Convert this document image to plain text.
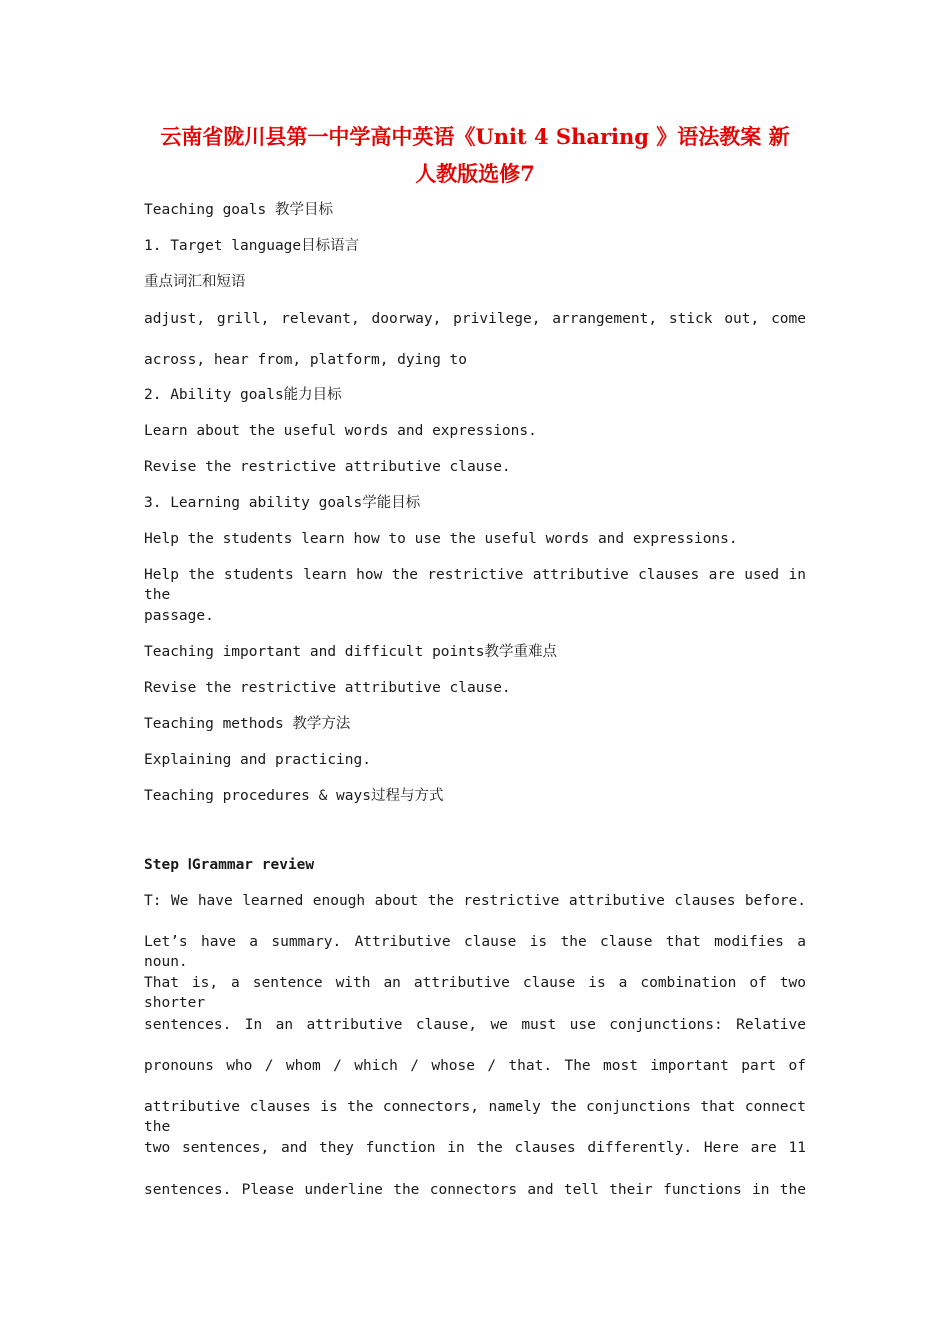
云南省陇川县第一中学高中英语《Unit 4 Sharing 》语法教案 新
人教版选修7
Teaching goals 教学目标
1. Target language目标语言
重点词汇和短语
adjust, grill, relevant, doorway, privilege, arrangement, stick out, come
across, hear from, platform, dying to
2. Ability goals能力目标
Learn about the useful words and expressions.
Revise the restrictive attributive clause.
3. Learning ability goals学能目标
Help the students learn how to use the useful words and expressions.
Help the students learn how the restrictive attributive clauses are used in the
passage.
Teaching important and difficult points教学重难点
Revise the restrictive attributive clause.
Teaching methods 教学方法
Explaining and practicing.
Teaching procedures & ways过程与方式
Step ⅠGrammar review
T: We have learned enough about the restrictive attributive clauses before.
Let’s have a summary. Attributive clause is the clause that modifies a noun.
That is, a sentence with an attributive clause is a combination of two shorter
sentences. In an attributive clause, we must use conjunctions: Relative
pronouns who / whom / which / whose / that. The most important part of
attributive clauses is the connectors, namely the conjunctions that connect the
two sentences, and they function in the clauses differently. Here are 11
sentences. Please underline the connectors and tell their functions in the
